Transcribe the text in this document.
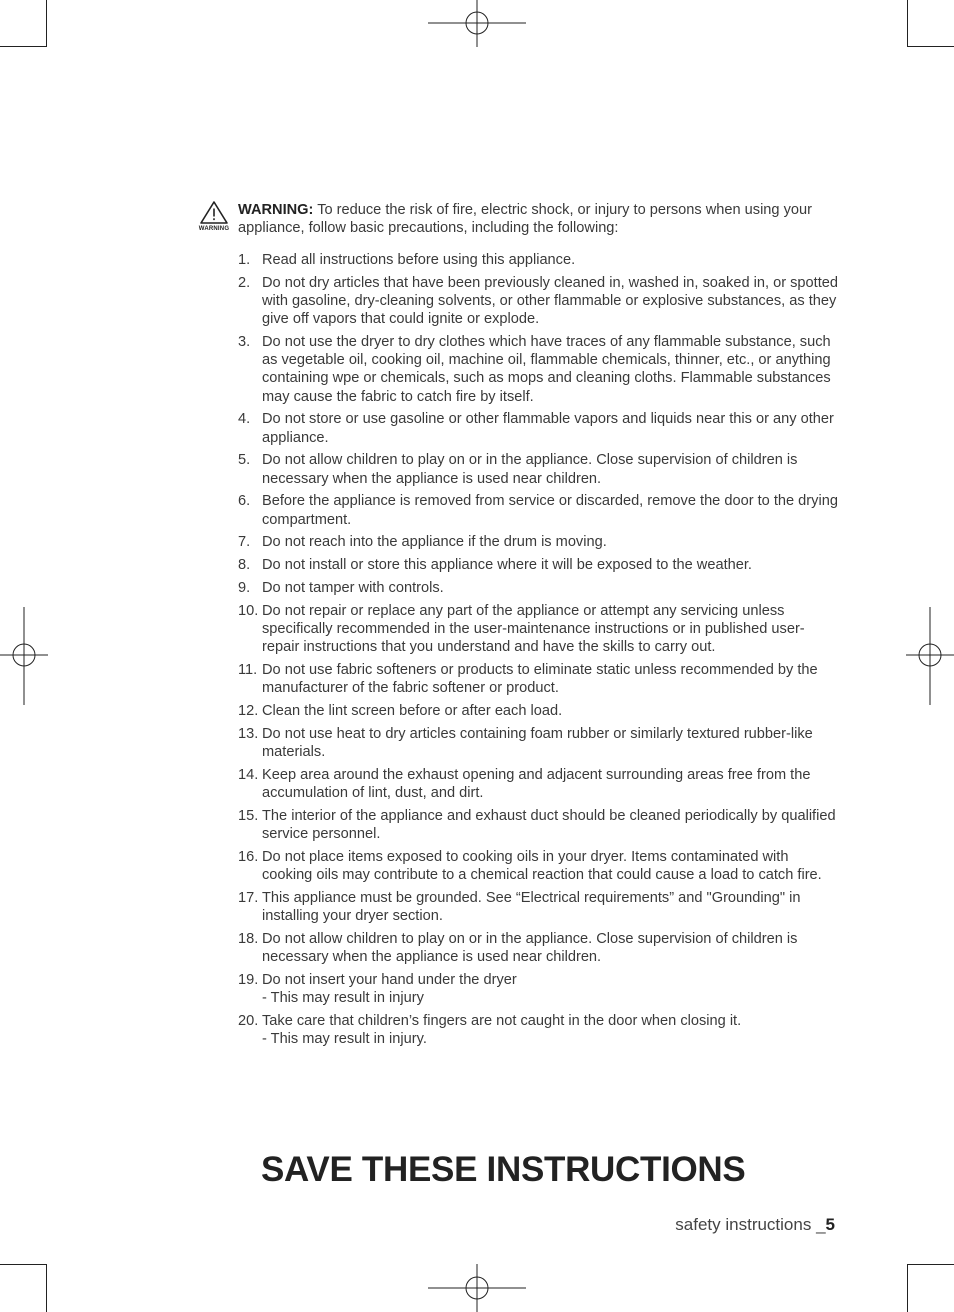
WARNING
WARNING: To reduce the risk of fire, electric shock, or injury to persons when using your appliance, follow basic precautions, including the following:
1. Read all instructions before using this appliance.
2. Do not dry articles that have been previously cleaned in, washed in, soaked in, or spotted with gasoline, dry-cleaning solvents, or other flammable or explosive substances, as they give off vapors that could ignite or explode.
3. Do not use the dryer to dry clothes which have traces of any flammable substance, such as vegetable oil, cooking oil, machine oil, flammable chemicals, thinner, etc., or anything containing wpe or chemicals, such as mops and cleaning cloths. Flammable substances may cause the fabric to catch fire by itself.
4. Do not store or use gasoline or other flammable vapors and liquids near this or any other appliance.
5. Do not allow children to play on or in the appliance. Close supervision of children is necessary when the appliance is used near children.
6. Before the appliance is removed from service or discarded, remove the door to the drying compartment.
7. Do not reach into the appliance if the drum is moving.
8. Do not install or store this appliance where it will be exposed to the weather.
9. Do not tamper with controls.
10. Do not repair or replace any part of the appliance or attempt any servicing unless specifically recommended in the user-maintenance instructions or in published user-repair instructions that you understand and have the skills to carry out.
11. Do not use fabric softeners or products to eliminate static unless recommended by the manufacturer of the fabric softener or product.
12. Clean the lint screen before or after each load.
13. Do not use heat to dry articles containing foam rubber or similarly textured rubber-like materials.
14. Keep area around the exhaust opening and adjacent surrounding areas free from the accumulation of lint, dust, and dirt.
15. The interior of the appliance and exhaust duct should be cleaned periodically by qualified service personnel.
16. Do not place items exposed to cooking oils in your dryer. Items contaminated with cooking oils may contribute to a chemical reaction that could cause a load to catch fire.
17. This appliance must be grounded. See “Electrical requirements” and "Grounding" in installing your dryer section.
18. Do not allow children to play on or in the appliance. Close supervision of children is necessary when the appliance is used near children.
19. Do not insert your hand under the dryer
- This may result in injury
20. Take care that children’s fingers are not caught in the door when closing it.
- This may result in injury.
SAVE THESE INSTRUCTIONS
safety instructions _5
